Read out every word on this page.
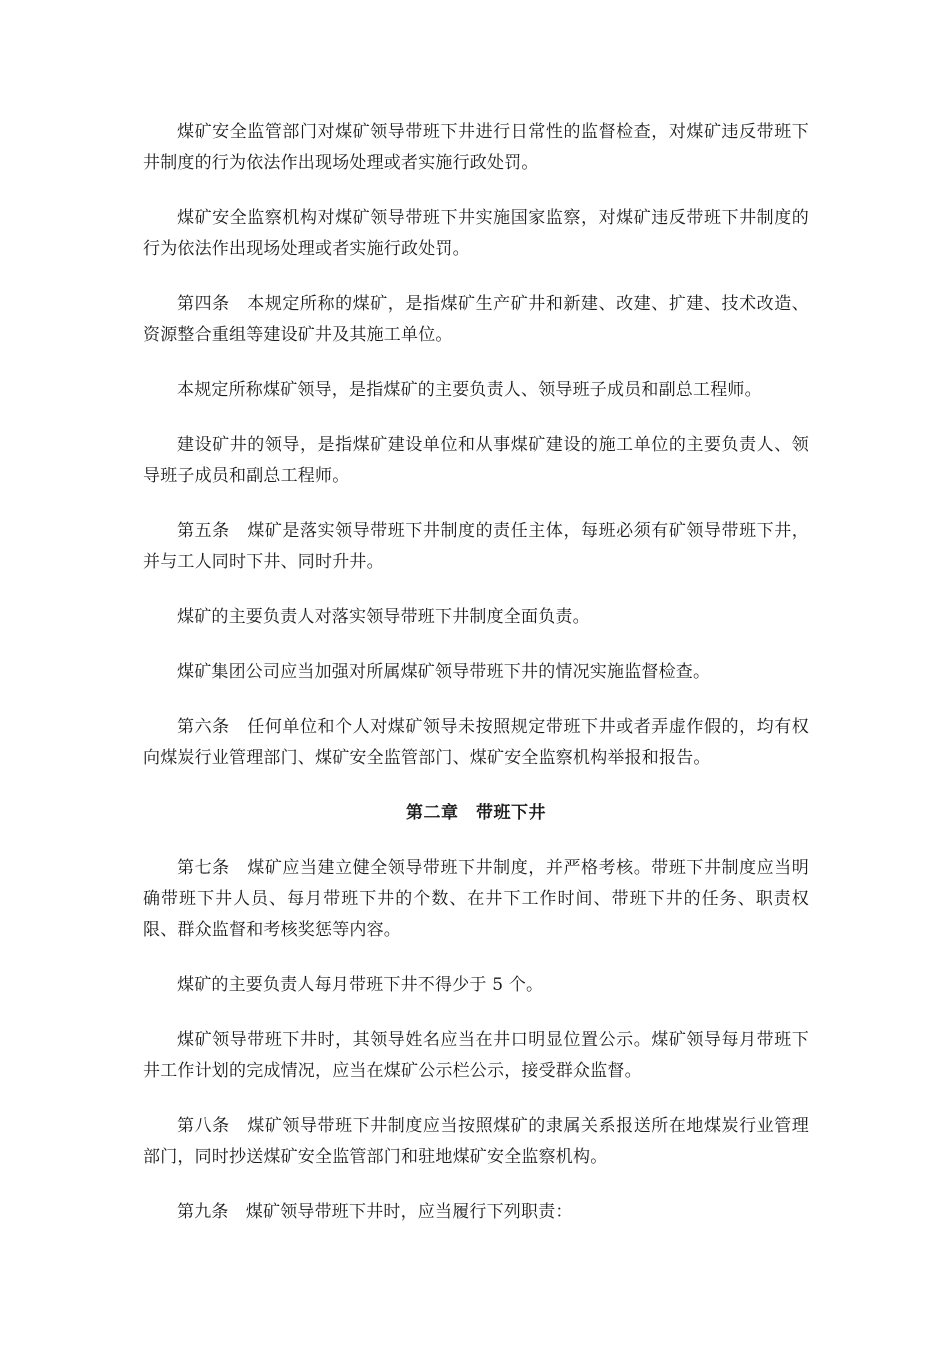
煤矿安全监管部门对煤矿领导带班下井进行日常性的监督检查，对煤矿违反带班下井制度的行为依法作出现场处理或者实施行政处罚。

煤矿安全监察机构对煤矿领导带班下井实施国家监察，对煤矿违反带班下井制度的行为依法作出现场处理或者实施行政处罚。

第四条　本规定所称的煤矿，是指煤矿生产矿井和新建、改建、扩建、技术改造、资源整合重组等建设矿井及其施工单位。

本规定所称煤矿领导，是指煤矿的主要负责人、领导班子成员和副总工程师。

建设矿井的领导，是指煤矿建设单位和从事煤矿建设的施工单位的主要负责人、领导班子成员和副总工程师。

第五条　煤矿是落实领导带班下井制度的责任主体，每班必须有矿领导带班下井，并与工人同时下井、同时升井。

煤矿的主要负责人对落实领导带班下井制度全面负责。

煤矿集团公司应当加强对所属煤矿领导带班下井的情况实施监督检查。

第六条　任何单位和个人对煤矿领导未按照规定带班下井或者弄虚作假的，均有权向煤炭行业管理部门、煤矿安全监管部门、煤矿安全监察机构举报和报告。

第二章　带班下井

第七条　煤矿应当建立健全领导带班下井制度，并严格考核。带班下井制度应当明确带班下井人员、每月带班下井的个数、在井下工作时间、带班下井的任务、职责权限、群众监督和考核奖惩等内容。

煤矿的主要负责人每月带班下井不得少于 5 个。

煤矿领导带班下井时，其领导姓名应当在井口明显位置公示。煤矿领导每月带班下井工作计划的完成情况，应当在煤矿公示栏公示，接受群众监督。

第八条　煤矿领导带班下井制度应当按照煤矿的隶属关系报送所在地煤炭行业管理部门，同时抄送煤矿安全监管部门和驻地煤矿安全监察机构。

第九条　煤矿领导带班下井时，应当履行下列职责：
